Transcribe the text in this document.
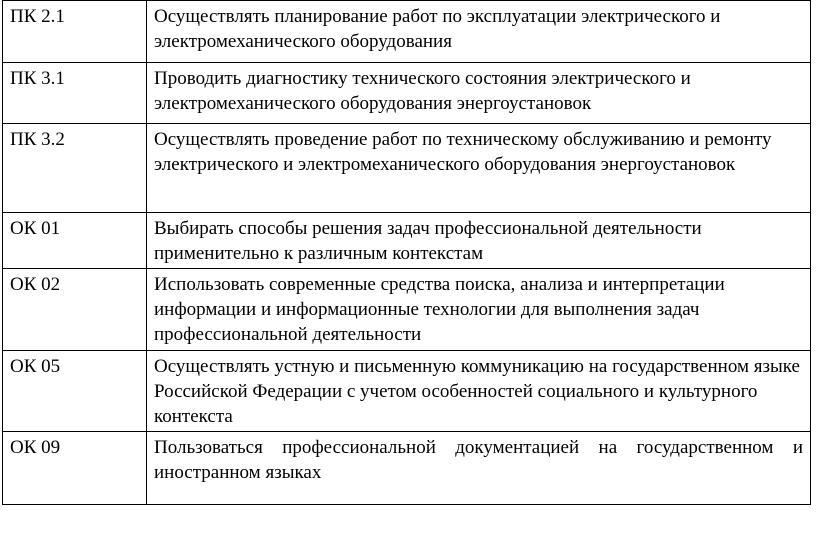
ПК 2.1	Осуществлять планирование работ по эксплуатации электрического и электромеханического оборудования
ПК 3.1	Проводить диагностику технического состояния электрического и электромеханического оборудования энергоустановок
ПК 3.2	Осуществлять проведение работ по техническому обслуживанию и ремонту электрического и электромеханического оборудования энергоустановок
ОК 01	Выбирать способы решения задач профессиональной деятельности применительно к различным контекстам
ОК 02	Использовать современные средства поиска, анализа и интерпретации информации и информационные технологии для выполнения задач профессиональной деятельности
ОК 05	Осуществлять устную и письменную коммуникацию на государственном языке Российской Федерации с учетом особенностей социального и культурного контекста
ОК 09	Пользоваться профессиональной документацией на государственном и иностранном языках
